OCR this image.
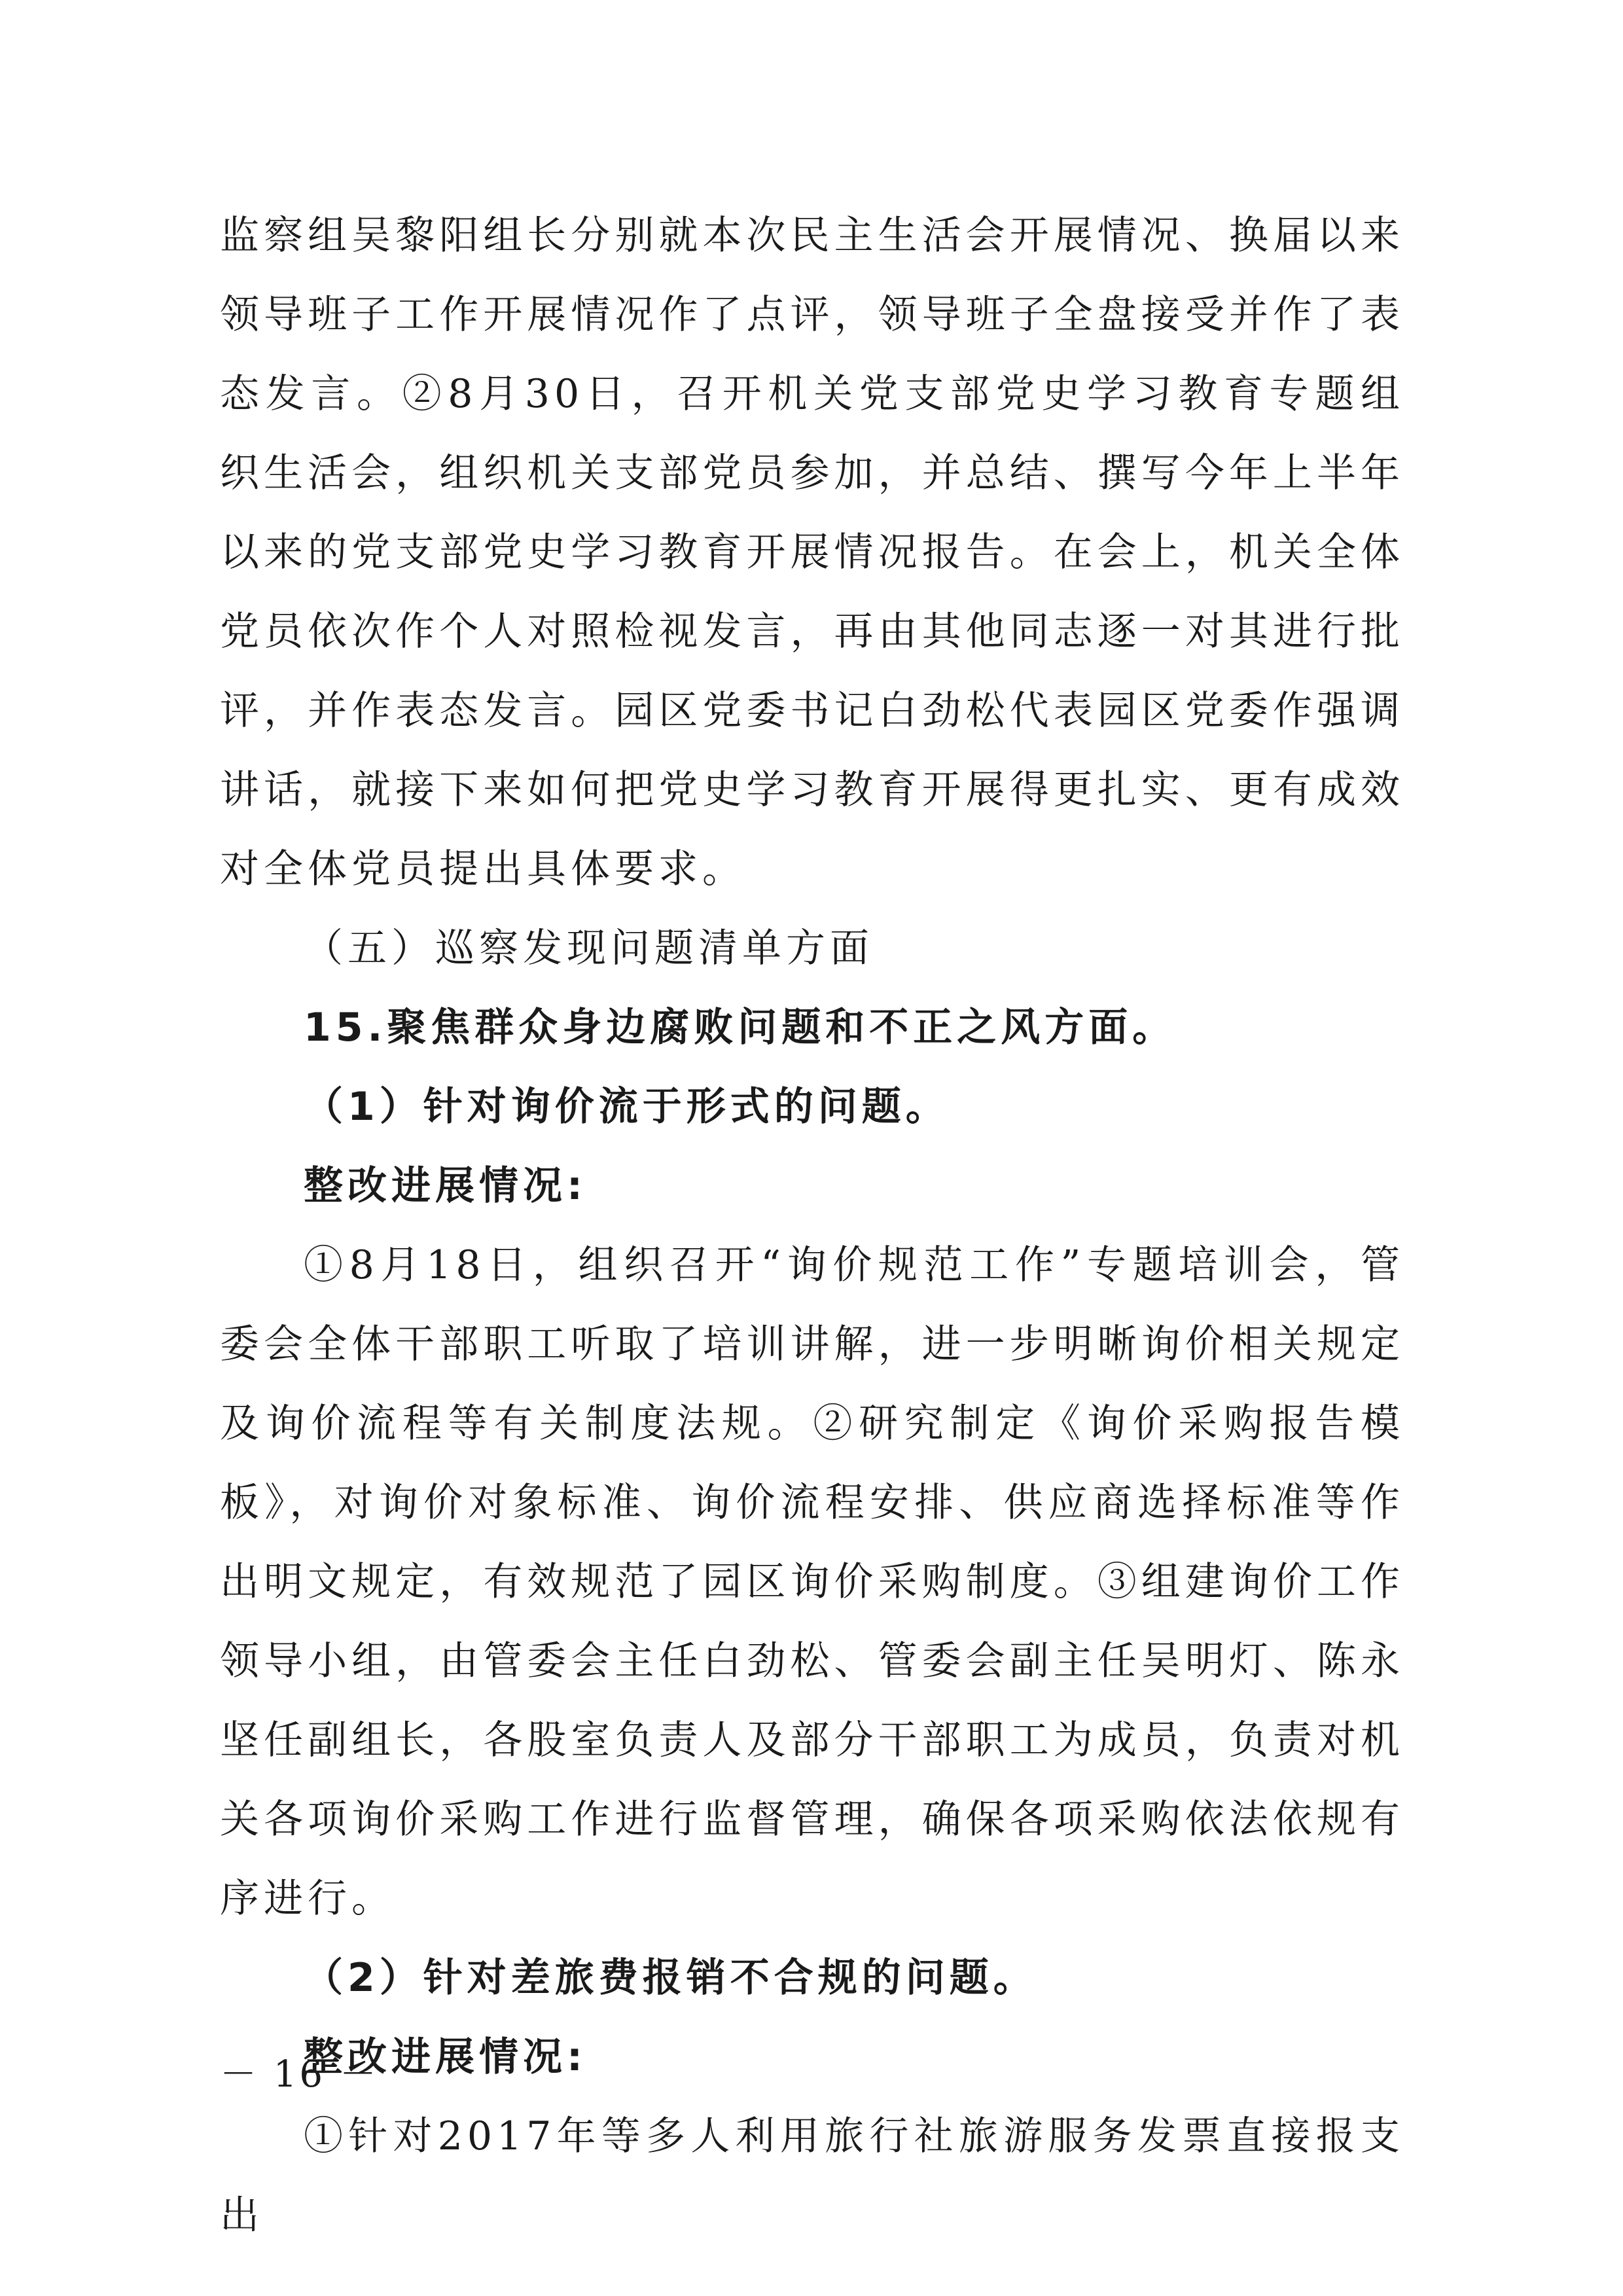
监察组吴黎阳组长分别就本次民主生活会开展情况、换届以来领导班子工作开展情况作了点评，领导班子全盘接受并作了表态发言。②8月30日，召开机关党支部党史学习教育专题组织生活会，组织机关支部党员参加，并总结、撰写今年上半年以来的党支部党史学习教育开展情况报告。在会上，机关全体党员依次作个人对照检视发言，再由其他同志逐一对其进行批评，并作表态发言。园区党委书记白劲松代表园区党委作强调讲话，就接下来如何把党史学习教育开展得更扎实、更有成效对全体党员提出具体要求。

（五）巡察发现问题清单方面

15.聚焦群众身边腐败问题和不正之风方面。

（1）针对询价流于形式的问题。

整改进展情况:

①8月18日，组织召开“询价规范工作”专题培训会，管委会全体干部职工听取了培训讲解，进一步明晰询价相关规定及询价流程等有关制度法规。②研究制定《询价采购报告模板》，对询价对象标准、询价流程安排、供应商选择标准等作出明文规定，有效规范了园区询价采购制度。③组建询价工作领导小组，由管委会主任白劲松、管委会副主任吴明灯、陈永坚任副组长，各股室负责人及部分干部职工为成员，负责对机关各项询价采购工作进行监督管理，确保各项采购依法依规有序进行。

（2）针对差旅费报销不合规的问题。

整改进展情况:

①针对2017年等多人利用旅行社旅游服务发票直接报支出

－ 16 －
